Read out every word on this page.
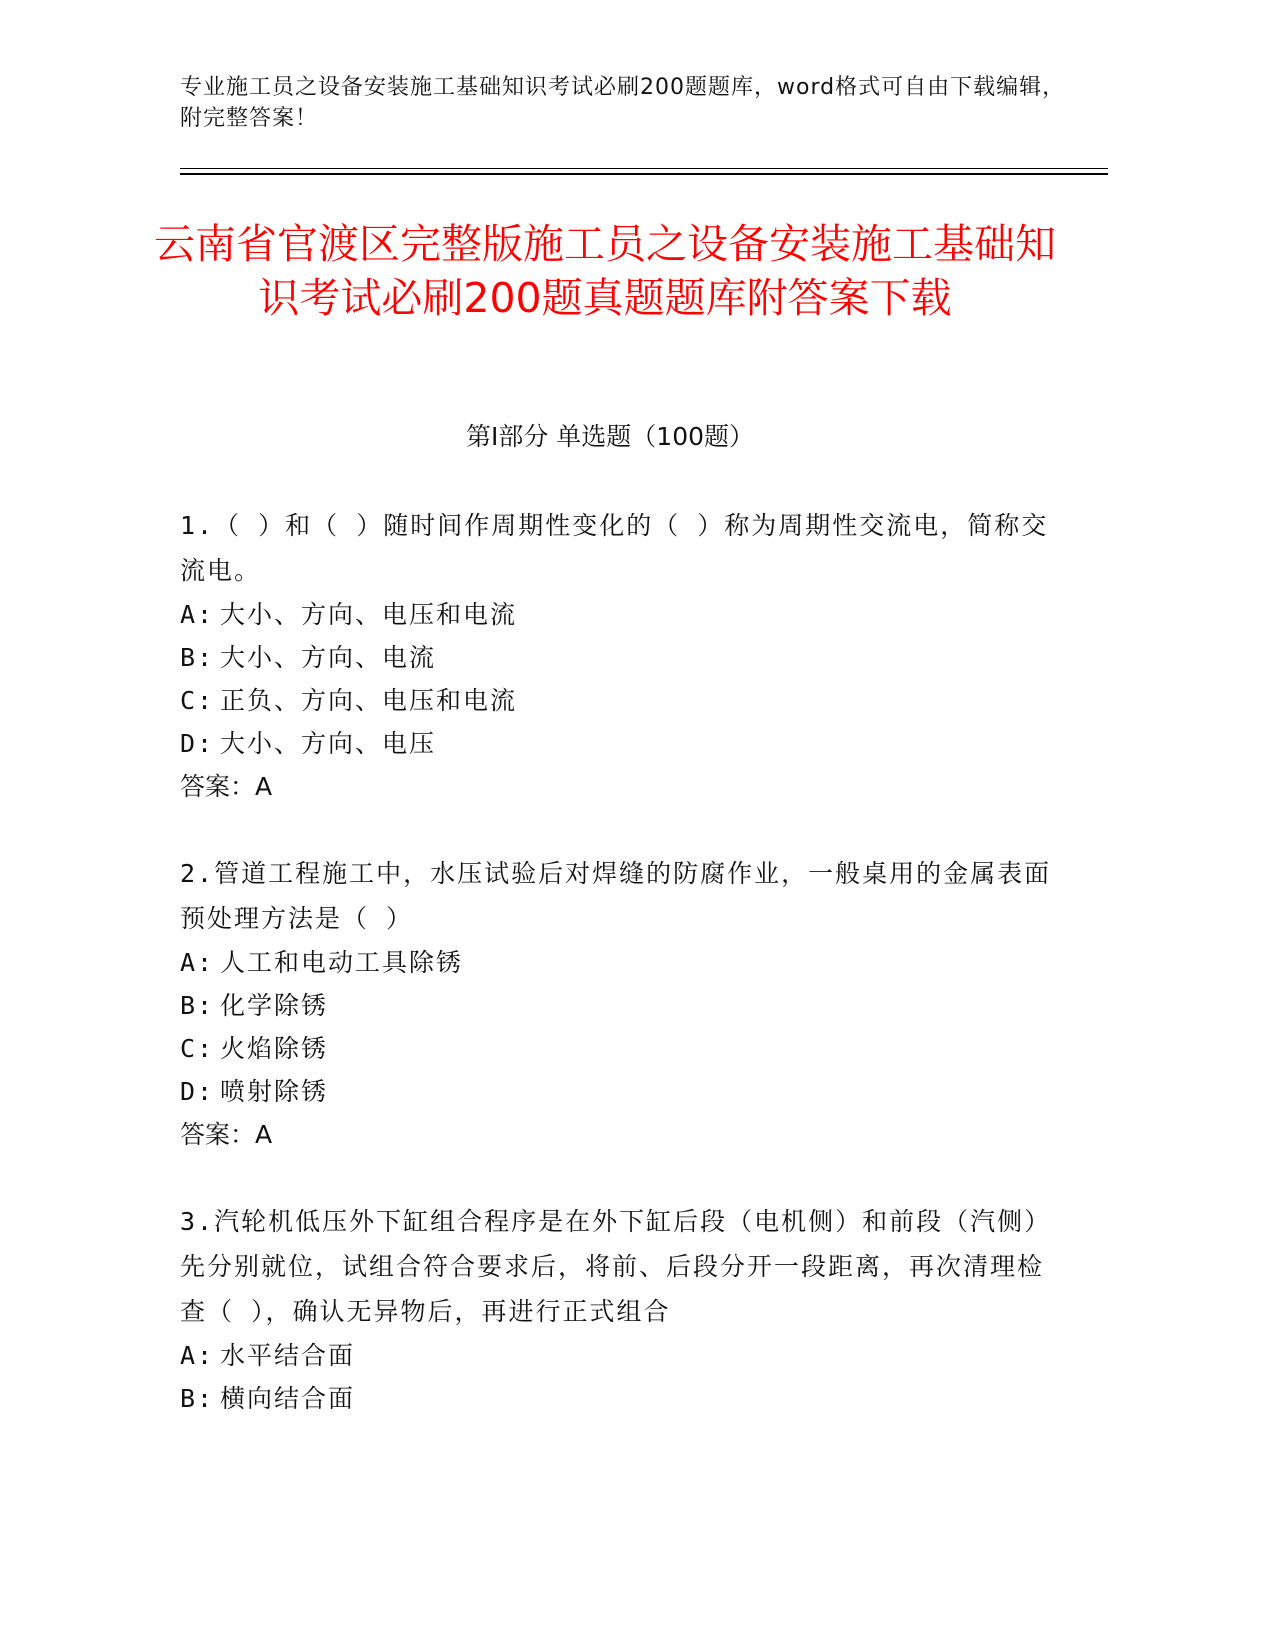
专业施工员之设备安装施工基础知识考试必刷200题题库，word格式可自由下载编辑，附完整答案！
云南省官渡区完整版施工员之设备安装施工基础知识考试必刷200题真题题库附答案下载
第Ⅰ部分 单选题（100题）
1.（ ）和（ ）随时间作周期性变化的（ ）称为周期性交流电，简称交流电。
A: 大小、方向、电压和电流
B: 大小、方向、电流
C: 正负、方向、电压和电流
D: 大小、方向、电压
答案：A
2.管道工程施工中，水压试验后对焊缝的防腐作业，一般桌用的金属表面预处理方法是（ ）
A: 人工和电动工具除锈
B: 化学除锈
C: 火焰除锈
D: 喷射除锈
答案：A
3.汽轮机低压外下缸组合程序是在外下缸后段（电机侧）和前段（汽侧）先分别就位，试组合符合要求后，将前、后段分开一段距离，再次清理检查（ ），确认无异物后，再进行正式组合
A: 水平结合面
B: 横向结合面
